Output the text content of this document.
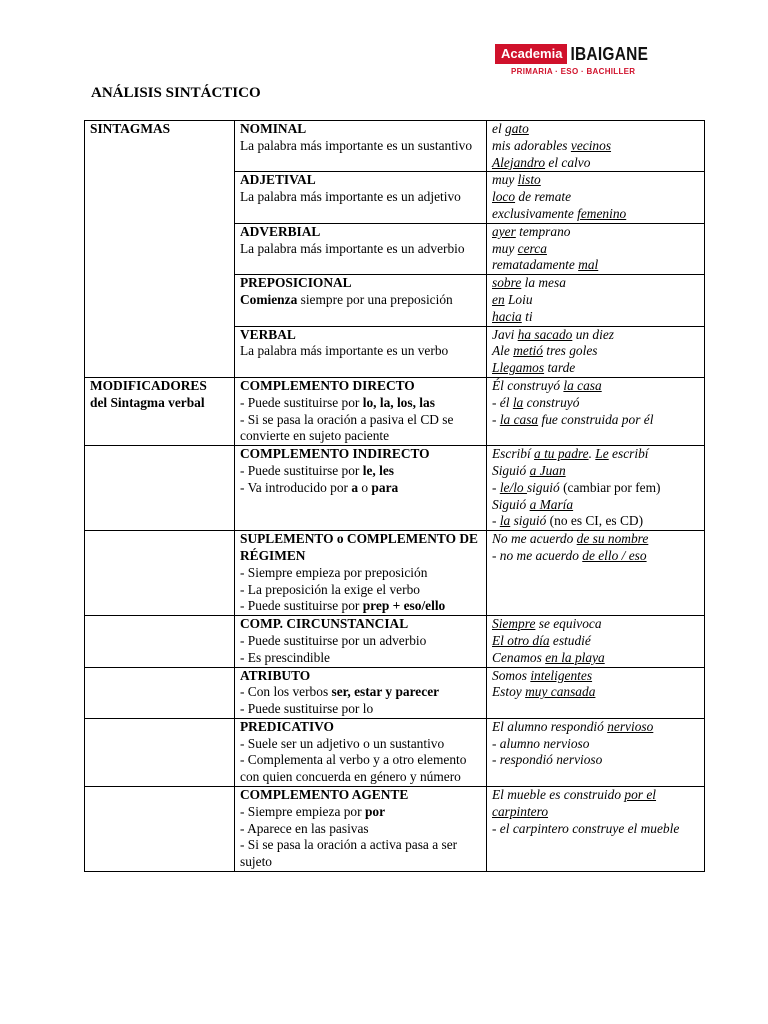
Academia IBAIGANE
PRIMARIA · ESO · BACHILLER
ANÁLISIS SINTÁCTICO
SINTAGMAS	NOMINAL
La palabra más importante es un sustantivo	el gato
mis adorables vecinos
Alejandro el calvo

	ADJETIVAL
La palabra más importante es un adjetivo	muy listo
loco de remate
exclusivamente femenino

	ADVERBIAL
La palabra más importante es un adverbio	ayer temprano
muy cerca
rematadamente mal

	PREPOSICIONAL
Comienza siempre por una preposición	sobre la mesa
en Loiu
hacia ti

	VERBAL
La palabra más importante es un verbo	Javi ha sacado un diez
Ale metió tres goles
Llegamos tarde

MODIFICADORES
del Sintagma verbal	COMPLEMENTO DIRECTO
- Puede sustituirse por lo, la, los, las
- Si se pasa la oración a pasiva el CD se convierte en sujeto paciente	Él construyó la casa
- él la construyó
- la casa fue construida por él

	COMPLEMENTO INDIRECTO
- Puede sustituirse por le, les
- Va introducido por a o para	Escribí a tu padre. Le escribí
Siguió a Juan
- le/lo siguió (cambiar por fem)
Siguió a María
- la siguió (no es CI, es CD)

	SUPLEMENTO o COMPLEMENTO DE RÉGIMEN
- Siempre empieza por preposición
- La preposición la exige el verbo
- Puede sustituirse por prep + eso/ello	No me acuerdo de su nombre
- no me acuerdo de ello / eso

	COMP. CIRCUNSTANCIAL
- Puede sustituirse por un adverbio
- Es prescindible	Siempre se equivoca
El otro día estudié
Cenamos en la playa

	ATRIBUTO
- Con los verbos ser, estar y parecer
- Puede sustituirse por lo	Somos inteligentes
Estoy muy cansada

	PREDICATIVO
- Suele ser un adjetivo o un sustantivo
- Complementa al verbo y a otro elemento con quien concuerda en género y número	El alumno respondió nervioso
- alumno nervioso
- respondió nervioso

	COMPLEMENTO AGENTE
- Siempre empieza por por
- Aparece en las pasivas
- Si se pasa la oración a activa pasa a ser sujeto	El mueble es construido por el carpintero
- el carpintero construye el mueble
